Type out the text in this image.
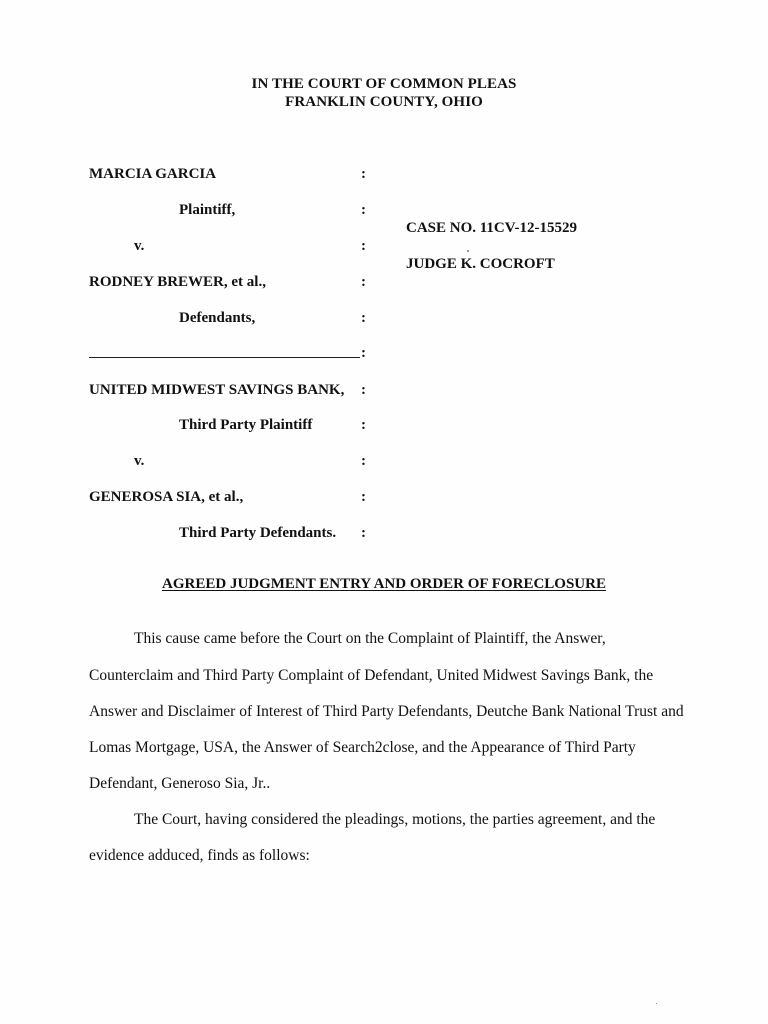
IN THE COURT OF COMMON PLEAS
FRANKLIN COUNTY, OHIO
MARCIA GARCIA
Plaintiff,
v.
RODNEY BREWER, et al.,
Defendants,
UNITED MIDWEST SAVINGS BANK,
Third Party Plaintiff
v.
GENEROSA SIA, et al.,
Third Party Defendants.
:
:
:
:
:
:
:
:
:
:
:
CASE NO. 11CV-12-15529
JUDGE K. COCROFT
AGREED JUDGMENT ENTRY AND ORDER OF FORECLOSURE
This cause came before the Court on the Complaint of Plaintiff, the Answer,
Counterclaim and Third Party Complaint of Defendant, United Midwest Savings Bank, the
Answer and Disclaimer of Interest of Third Party Defendants, Deutche Bank National Trust and
Lomas Mortgage, USA, the Answer of Search2close, and the Appearance of Third Party
Defendant, Generoso Sia, Jr..
The Court, having considered the pleadings, motions, the parties agreement, and the
evidence adduced, finds as follows:
